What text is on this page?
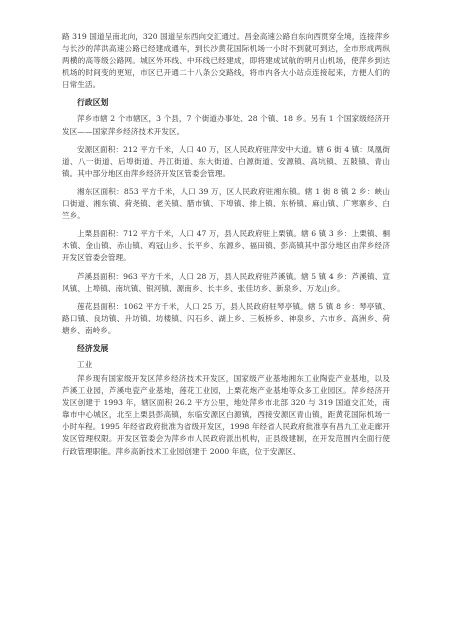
路 319 国道呈南北向，320 国道呈东西向交汇通过。昌金高速公路自东向西贯穿全境，连接萍乡与长沙的萍洪高速公路已经建成通车，到长沙黄花国际机场一小时不到就可到达，全市形成两纵两横的高等级公路网。城区外环线、中环线已经建成，即将建成试航的明月山机场，使萍乡到达机场的时间变的更短，市区已开通二十八条公交路线，将市内各大小站点连接起来，方便人们的日常生活。

行政区划

萍乡市辖 2 个市辖区，3 个县，7 个街道办事处、28 个镇、18 乡。另有 1 个国家级经济开发区——国家萍乡经济技术开发区。

安源区面积：212 平方千米，人口 40 万，区人民政府驻萍安中大道。辖 6 街 4 镇：凤凰街道、八一街道、后埠街道、丹江街道、东大街道、白源街道、安源镇、高坑镇、五陂镇、青山镇。其中部分地区由萍乡经济开发区管委会管理。

湘东区面积：853 平方千米，人口 39 万，区人民政府驻湘东镇。辖 1 街 8 镇 2 乡：峡山口街道、湘东镇、荷尧镇、老关镇、腊市镇、下埠镇、排上镇、东桥镇、麻山镇、广寒寨乡、白竺乡。

上栗县面积：712 平方千米，人口 47 万，县人民政府驻上栗镇。辖 6 镇 3 乡：上栗镇、桐木镇、金山镇、赤山镇、鸡冠山乡、长平乡、东源乡、福田镇、彭高镇其中部分地区由萍乡经济开发区管委会管理。

芦溪县面积：963 平方千米，人口 28 万，县人民政府驻芦溪镇。辖 5 镇 4 乡：芦溪镇、宣风镇、上埠镇、南坑镇、银河镇、源南乡、长丰乡、张佳坊乡、新泉乡、万龙山乡。

莲花县面积：1062 平方千米，人口 25 万，县人民政府驻琴亭镇。辖 5 镇 8 乡：琴亭镇、路口镇、良坊镇、升坊镇、坊楼镇、闪石乡、湖上乡、三板桥乡、神泉乡、六市乡、高洲乡、荷塘乡、南岭乡。

经济发展
工业

萍乡现有国家级开发区萍乡经济技术开发区，国家级产业基地湘东工业陶瓷产业基地，以及芦溪工业园，芦溪电瓷产业基地，莲花工业园，上栗花炮产业基地等众多工业园区。萍乡经济开发区创建于 1993 年，辖区面积 26.2 平方公里，地处萍乡市北部 320 与 319 国道交汇处，南靠市中心城区，北至上栗县彭高镇，东临安源区白源镇，西接安源区青山镇，距黄花国际机场一小时车程。1995 年经省政府批准为省级开发区，1998 年经省人民政府批准享有昌九工业走廊开发区管理权限。开发区管委会为萍乡市人民政府派出机构，正县级建制，在开发范围内全面行使行政管理职能。萍乡高新技术工业园创建于 2000 年底，位于安源区、
